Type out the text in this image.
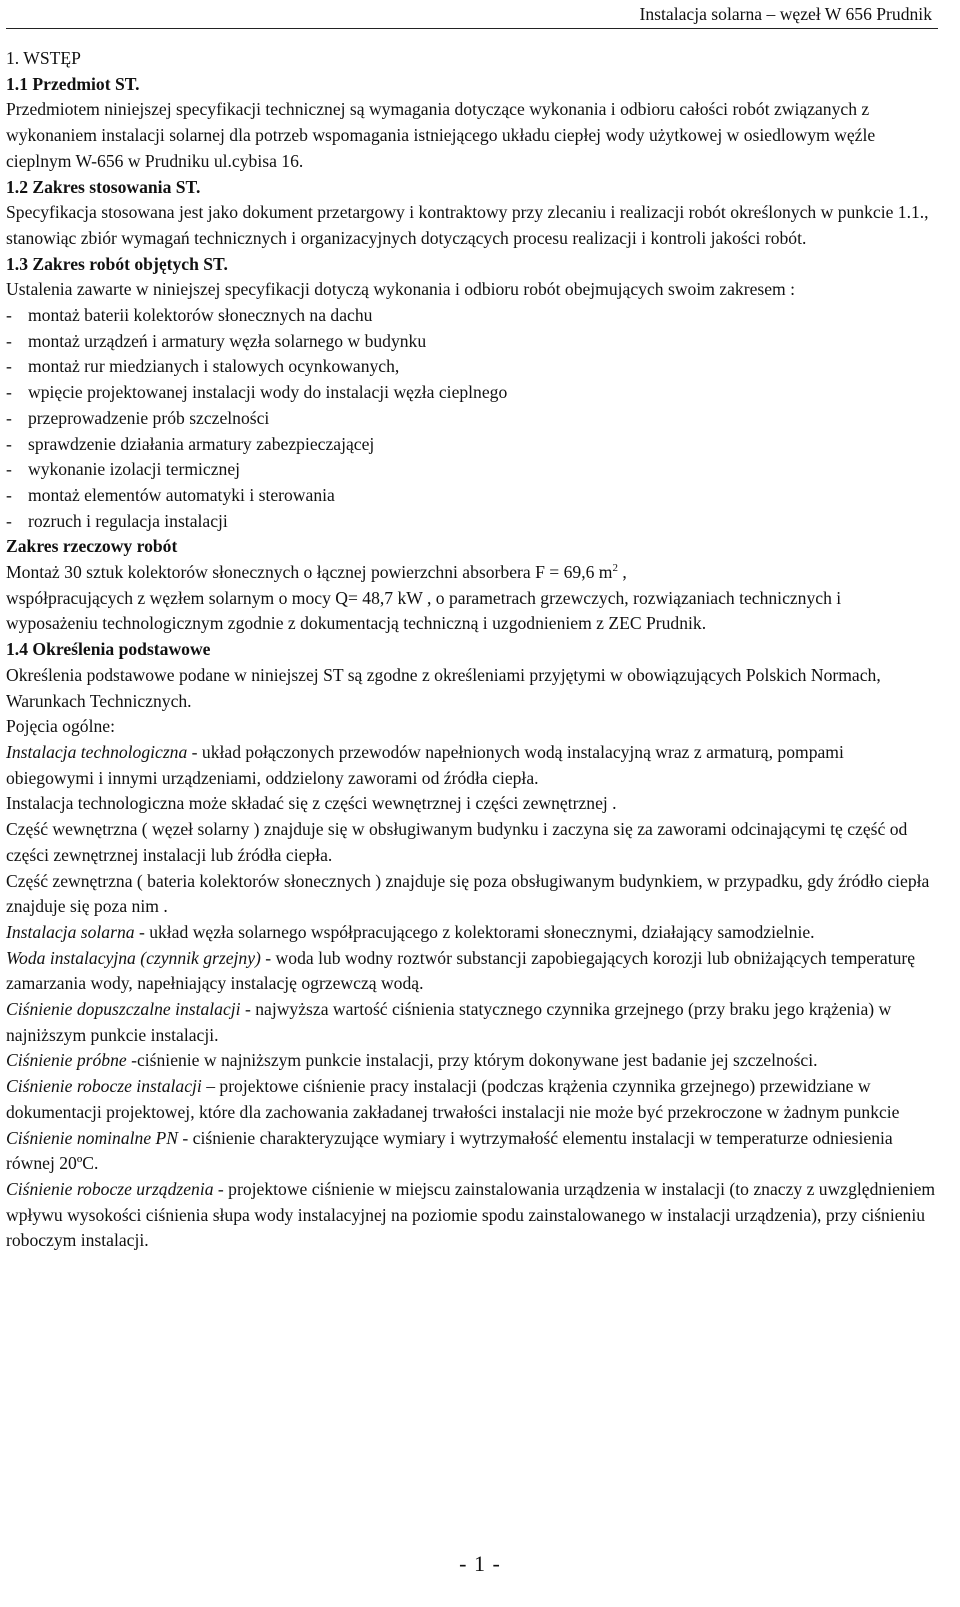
Instalacja solarna – węzeł W 656 Prudnik

1. WSTĘP

1.1 Przedmiot ST.

Przedmiotem niniejszej specyfikacji technicznej są wymagania dotyczące wykonania i odbioru całości robót związanych z wykonaniem instalacji solarnej dla potrzeb wspomagania istniejącego układu ciepłej wody użytkowej w osiedlowym węźle cieplnym W-656 w Prudniku ul.cybisa 16.

1.2 Zakres stosowania ST.

Specyfikacja stosowana jest jako dokument przetargowy i kontraktowy przy zlecaniu i realizacji robót określonych w punkcie 1.1., stanowiąc zbiór wymagań technicznych i organizacyjnych dotyczących procesu realizacji i kontroli jakości robót.

1.3 Zakres robót objętych ST.

Ustalenia zawarte w niniejszej specyfikacji dotyczą wykonania i odbioru robót obejmujących swoim zakresem :

- montaż baterii kolektorów słonecznych na dachu
- montaż urządzeń i armatury węzła solarnego w budynku
- montaż rur miedzianych i stalowych ocynkowanych,
- wpięcie projektowanej instalacji wody do instalacji węzła cieplnego
- przeprowadzenie prób szczelności
- sprawdzenie działania armatury zabezpieczającej
- wykonanie izolacji termicznej
- montaż elementów automatyki i sterowania
- rozruch i regulacja instalacji

Zakres rzeczowy robót

Montaż 30 sztuk kolektorów słonecznych o łącznej powierzchni absorbera F = 69,6 $m^2$ ,
współpracujących z węzłem solarnym o mocy Q= 48,7 kW , o parametrach grzewczych, rozwiązaniach technicznych i wyposażeniu technologicznym zgodnie z dokumentacją techniczną i uzgodnieniem z ZEC Prudnik.

1.4 Określenia podstawowe

Określenia podstawowe podane w niniejszej ST są zgodne z określeniami przyjętymi w obowiązujących Polskich Normach, Warunkach Technicznych.

Pojęcia ogólne:

Instalacja technologiczna - układ połączonych przewodów napełnionych wodą instalacyjną wraz z armaturą, pompami obiegowymi i innymi urządzeniami, oddzielony zaworami od źródła ciepła.

Instalacja technologiczna może składać się z części wewnętrznej i części zewnętrznej .

Część wewnętrzna ( węzeł solarny ) znajduje się w obsługiwanym budynku i zaczyna się za zaworami odcinającymi tę część od części zewnętrznej instalacji lub źródła ciepła.

Część zewnętrzna ( bateria kolektorów słonecznych ) znajduje się poza obsługiwanym budynkiem, w przypadku, gdy źródło ciepła znajduje się poza nim .

Instalacja solarna - układ węzła solarnego współpracującego z kolektorami słonecznymi, działający samodzielnie.

Woda instalacyjna (czynnik grzejny) - woda lub wodny roztwór substancji zapobiegających korozji lub obniżających temperaturę zamarzania wody, napełniający instalację ogrzewczą wodą.

Ciśnienie dopuszczalne instalacji - najwyższa wartość ciśnienia statycznego czynnika grzejnego (przy braku jego krążenia) w najniższym punkcie instalacji.

Ciśnienie próbne -ciśnienie w najniższym punkcie instalacji, przy którym dokonywane jest badanie jej szczelności.

Ciśnienie robocze instalacji – projektowe ciśnienie pracy instalacji (podczas krążenia czynnika grzejnego) przewidziane w dokumentacji projektowej, które dla zachowania zakładanej trwałości instalacji nie może być przekroczone w żadnym punkcie

Ciśnienie nominalne PN - ciśnienie charakteryzujące wymiary i wytrzymałość elementu instalacji w temperaturze odniesienia równej 20ºC.

Ciśnienie robocze urządzenia - projektowe ciśnienie w miejscu zainstalowania urządzenia w instalacji (to znaczy z uwzględnieniem wpływu wysokości ciśnienia słupa wody instalacyjnej na poziomie spodu zainstalowanego w instalacji urządzenia), przy ciśnieniu roboczym instalacji.

- 1 -
